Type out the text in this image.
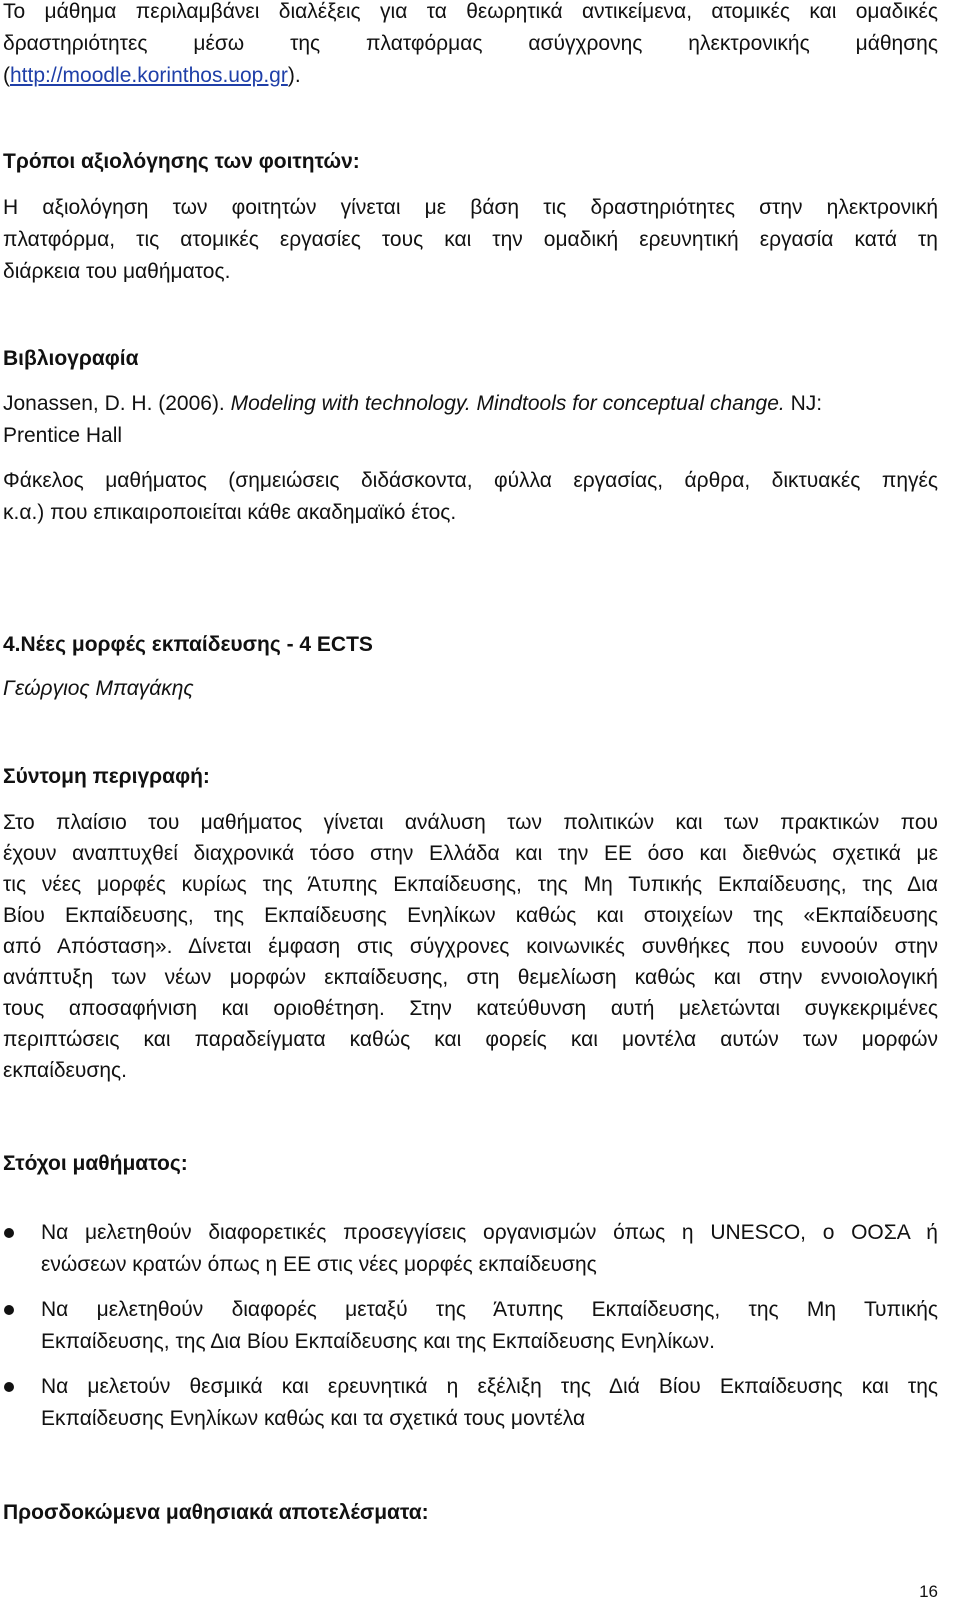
Το μάθημα περιλαμβάνει διαλέξεις για τα θεωρητικά αντικείμενα, ατομικές και ομαδικές
δραστηριότητες μέσω της πλατφόρμας ασύγχρονης ηλεκτρονικής μάθησης
(http://moodle.korinthos.uop.gr).
Τρόποι αξιολόγησης των φοιτητών:
Η αξιολόγηση των φοιτητών γίνεται με βάση τις δραστηριότητες στην ηλεκτρονική
πλατφόρμα, τις ατομικές εργασίες τους και την ομαδική ερευνητική εργασία κατά τη
διάρκεια του μαθήματος.
Βιβλιογραφία
Jonassen, D. H. (2006). Modeling with technology. Mindtools for conceptual change. NJ:
Prentice Hall
Φάκελος μαθήματος (σημειώσεις διδάσκοντα, φύλλα εργασίας, άρθρα, δικτυακές πηγές
κ.α.) που επικαιροποιείται κάθε ακαδημαϊκό έτος.
4.Νέες μορφές εκπαίδευσης - 4 ECTS
Γεώργιος Μπαγάκης
Σύντομη περιγραφή:
Στο πλαίσιο του μαθήματος γίνεται ανάλυση των πολιτικών και των πρακτικών που
έχουν αναπτυχθεί διαχρονικά τόσο στην Ελλάδα και την ΕΕ όσο και διεθνώς σχετικά με
τις νέες μορφές κυρίως της Άτυπης Εκπαίδευσης, της Μη Τυπικής Εκπαίδευσης, της Δια
Βίου Εκπαίδευσης, της Εκπαίδευσης Ενηλίκων καθώς και στοιχείων της «Εκπαίδευσης
από Απόσταση». Δίνεται έμφαση στις σύγχρονες κοινωνικές συνθήκες που ευνοούν στην
ανάπτυξη των νέων μορφών εκπαίδευσης, στη θεμελίωση καθώς και στην εννοιολογική
τους αποσαφήνιση και οριοθέτηση. Στην κατεύθυνση αυτή μελετώνται συγκεκριμένες
περιπτώσεις και παραδείγματα καθώς και φορείς και μοντέλα αυτών των μορφών
εκπαίδευσης.
Στόχοι μαθήματος:
Να μελετηθούν διαφορετικές προσεγγίσεις οργανισμών όπως η UNESCO, ο ΟΟΣΑ ή
ενώσεων κρατών όπως η ΕΕ στις νέες μορφές εκπαίδευσης
Να μελετηθούν διαφορές μεταξύ της Άτυπης Εκπαίδευσης, της Μη Τυπικής
Εκπαίδευσης, της Δια Βίου Εκπαίδευσης και της Εκπαίδευσης Ενηλίκων.
Να μελετούν θεσμικά και ερευνητικά η εξέλιξη της Διά Βίου Εκπαίδευσης και της
Εκπαίδευσης Ενηλίκων καθώς και τα σχετικά τους μοντέλα
Προσδοκώμενα μαθησιακά αποτελέσματα:
16
